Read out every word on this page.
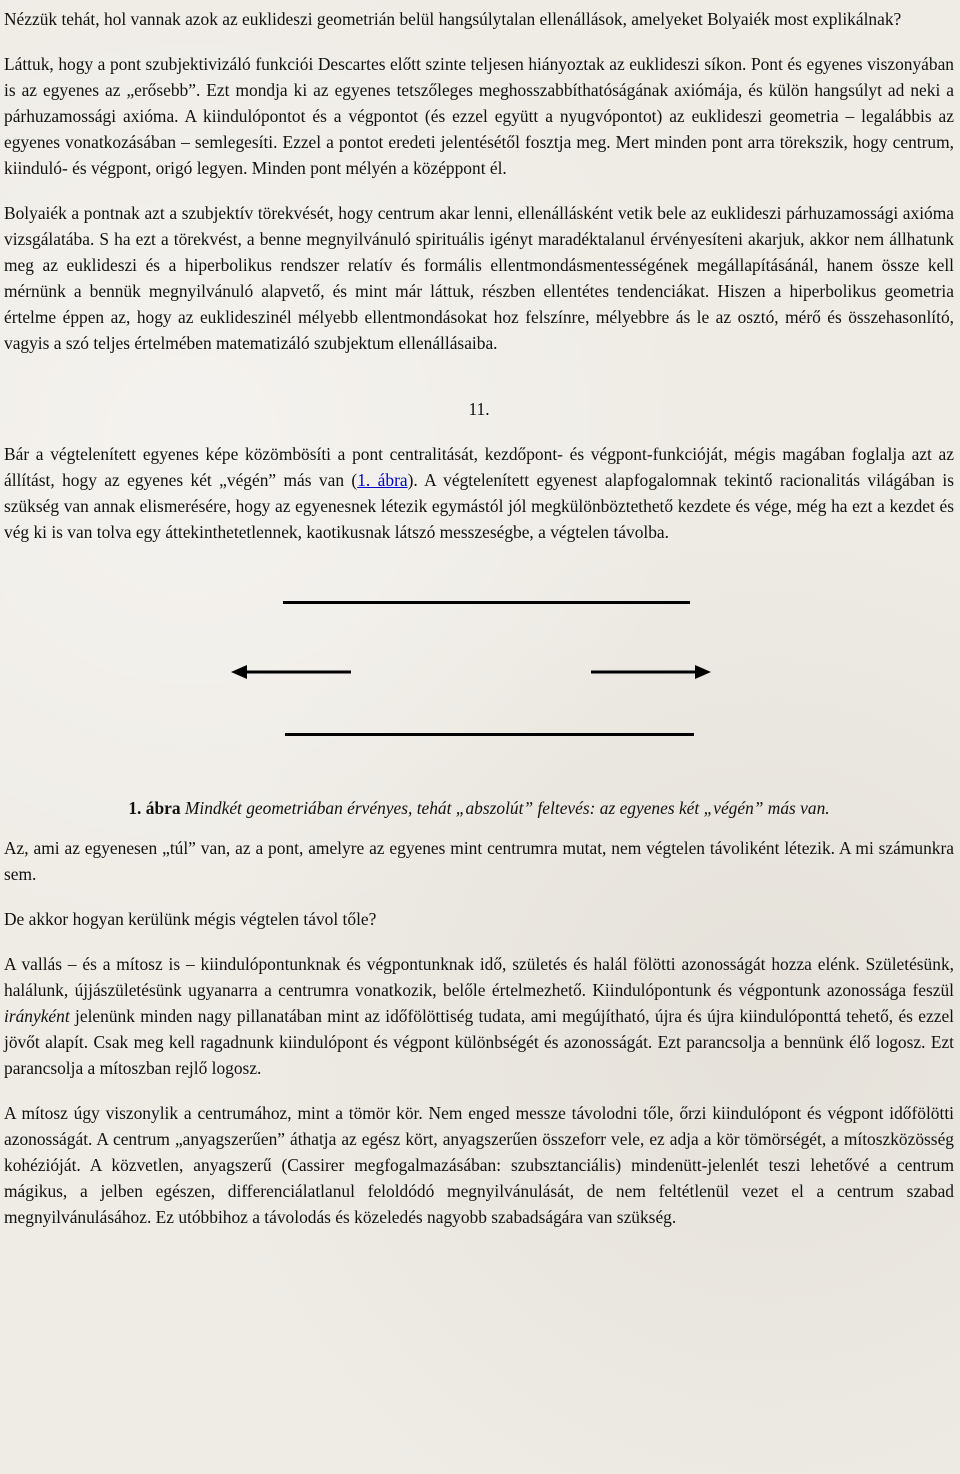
Nézzük tehát, hol vannak azok az euklideszi geometrián belül hangsúlytalan ellenállások, amelyeket Bolyaiék most explikálnak?

Láttuk, hogy a pont szubjektivizáló funkciói Descartes előtt szinte teljesen hiányoztak az euklideszi síkon. Pont és egyenes viszonyában is az egyenes az „erősebb”. Ezt mondja ki az egyenes tetszőleges meghosszabbíthatóságának axiómája, és külön hangsúlyt ad neki a párhuzamossági axióma. A kiindulópontot és a végpontot (és ezzel együtt a nyugvópontot) az euklideszi geometria – legalábbis az egyenes vonatkozásában – semlegesíti. Ezzel a pontot eredeti jelentésétől fosztja meg. Mert minden pont arra törekszik, hogy centrum, kiinduló- és végpont, origó legyen. Minden pont mélyén a középpont él.

Bolyaiék a pontnak azt a szubjektív törekvését, hogy centrum akar lenni, ellenállásként vetik bele az euklideszi párhuzamossági axióma vizsgálatába. S ha ezt a törekvést, a benne megnyilvánuló spirituális igényt maradéktalanul érvényesíteni akarjuk, akkor nem állhatunk meg az euklideszi és a hiperbolikus rendszer relatív és formális ellentmondásmentességének megállapításánál, hanem össze kell mérnünk a bennük megnyilvánuló alapvető, és mint már láttuk, részben ellentétes tendenciákat. Hiszen a hiperbolikus geometria értelme éppen az, hogy az euklideszinél mélyebb ellentmondásokat hoz felszínre, mélyebbre ás le az osztó, mérő és összehasonlító, vagyis a szó teljes értelmében matematizáló szubjektum ellenállásaiba.

11.

Bár a végtelenített egyenes képe közömbösíti a pont centralitását, kezdőpont- és végpont-funkcióját, mégis magában foglalja azt az állítást, hogy az egyenes két „végén” más van (1. ábra). A végtelenített egyenest alapfogalomnak tekintő racionalitás világában is szükség van annak elismerésére, hogy az egyenesnek létezik egymástól jól megkülönböztethető kezdete és vége, még ha ezt a kezdet és vég ki is van tolva egy áttekinthetetlennek, kaotikusnak látszó messzeségbe, a végtelen távolba.

1. ábra Mindkét geometriában érvényes, tehát „abszolút” feltevés: az egyenes két „végén” más van.

Az, ami az egyenesen „túl” van, az a pont, amelyre az egyenes mint centrumra mutat, nem végtelen távoliként létezik. A mi számunkra sem.

De akkor hogyan kerülünk mégis végtelen távol tőle?

A vallás – és a mítosz is – kiindulópontunknak és végpontunknak idő, születés és halál fölötti azonosságát hozza elénk. Születésünk, halálunk, újjászületésünk ugyanarra a centrumra vonatkozik, belőle értelmezhető. Kiindulópontunk és végpontunk azonossága feszül irányként jelenünk minden nagy pillanatában mint az időfölöttiség tudata, ami megújítható, újra és újra kiindulóponttá tehető, és ezzel jövőt alapít. Csak meg kell ragadnunk kiindulópont és végpont különbségét és azonosságát. Ezt parancsolja a bennünk élő logosz. Ezt parancsolja a mítoszban rejlő logosz.

A mítosz úgy viszonylik a centrumához, mint a tömör kör. Nem enged messze távolodni tőle, őrzi kiindulópont és végpont időfölötti azonosságát. A centrum „anyagszerűen” áthatja az egész kört, anyagszerűen összeforr vele, ez adja a kör tömörségét, a mítoszközösség kohézióját. A közvetlen, anyagszerű (Cassirer megfogalmazásában: szubsztanciális) mindenütt-jelenlét teszi lehetővé a centrum mágikus, a jelben egészen, differenciálatlanul feloldódó megnyilvánulását, de nem feltétlenül vezet el a centrum szabad megnyilvánulásához. Ez utóbbihoz a távolodás és közeledés nagyobb szabadságára van szükség.
